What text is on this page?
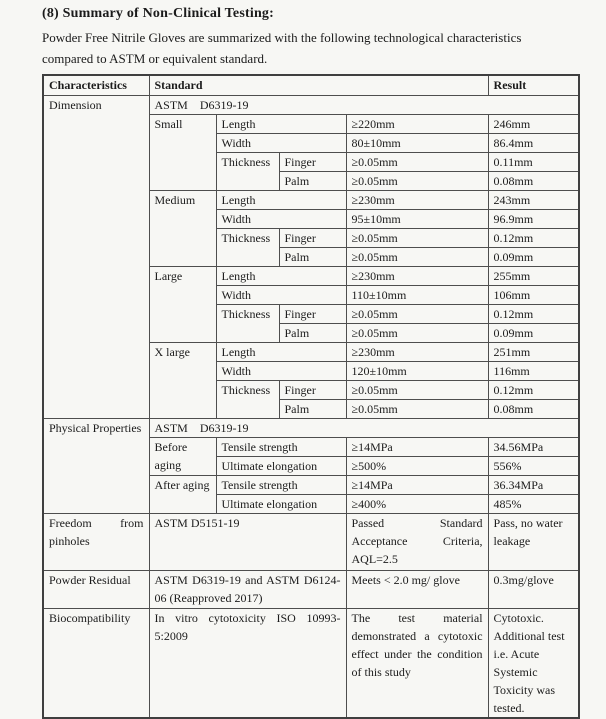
(8) Summary of Non-Clinical Testing:

Powder Free Nitrile Gloves are summarized with the following technological characteristics
compared to ASTM or equivalent standard.

Characteristics	Standard				Result
Dimension	ASTM D6319-19				
	Small	Length		≥220mm	246mm
		Width		80±10mm	86.4mm
		Thickness	Finger	≥0.05mm	0.11mm
			Palm	≥0.05mm	0.08mm
	Medium	Length		≥230mm	243mm
		Width		95±10mm	96.9mm
		Thickness	Finger	≥0.05mm	0.12mm
			Palm	≥0.05mm	0.09mm
	Large	Length		≥230mm	255mm
		Width		110±10mm	106mm
		Thickness	Finger	≥0.05mm	0.12mm
			Palm	≥0.05mm	0.09mm
	X large	Length		≥230mm	251mm
		Width		120±10mm	116mm
		Thickness	Finger	≥0.05mm	0.12mm
			Palm	≥0.05mm	0.08mm
Physical Properties	ASTM D6319-19				
	Before aging	Tensile strength		≥14MPa	34.56MPa
		Ultimate elongation		≥500%	556%
	After aging	Tensile strength		≥14MPa	36.34MPa
		Ultimate elongation		≥400%	485%
Freedom from pinholes	ASTM D5151-19			Passed Standard Acceptance Criteria, AQL=2.5	Pass, no water leakage
Powder Residual	ASTM D6319-19 and ASTM D6124-06 (Reapproved 2017)			Meets < 2.0 mg/ glove	0.3mg/glove
Biocompatibility	In vitro cytotoxicity ISO 10993-5:2009			The test material demonstrated a cytotoxic effect under the condition of this study	Cytotoxic. Additional test i.e. Acute Systemic Toxicity was tested.
